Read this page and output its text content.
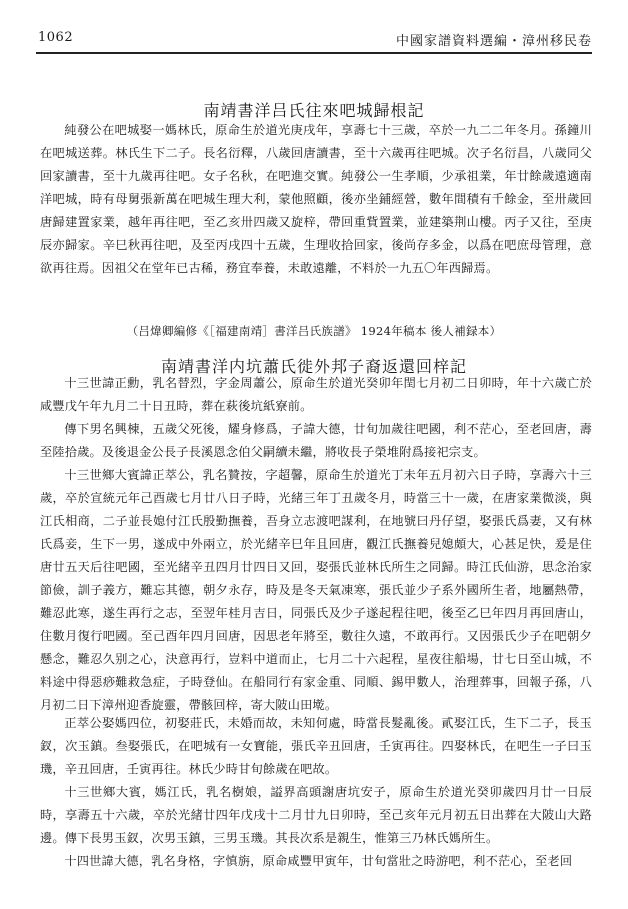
1062	中國家譜資料選編・漳州移民卷
南靖書洋吕氏往來吧城歸根記
純發公在吧城娶一媽林氏，原命生於道光庚戌年，享壽七十三歲，卒於一九二二年冬月。孫鐘川在吧城送葬。林氏生下二子。長名衍釋，八歲回唐讀書，至十六歲再往吧城。次子名衍昌，八歲同父回家讀書，至十九歲再往吧。女子名秋，在吧進交實。純發公一生孝順，少承祖業，年廿餘歲遠適南洋吧城，時有母舅張新萬在吧城生理大利，蒙他照顧，後亦坐鋪經營，數年間積有千餘金，至卅歲回唐歸建置家業，越年再往吧，至乙亥卅四歲又旋梓，帶回重貲置業，並建築荆山樓。丙子又往，至庚辰亦歸家。辛巳秋再往吧，及至丙戌四十五歲，生理收拾回家，後尚存多金，以爲在吧庶母管理，意欲再往焉。因祖父在堂年已古稀，務宜奉養，未敢遠離，不料於一九五〇年西歸焉。
（吕煒卿編修《［福建南靖］書洋吕氏族譜》 1924年稿本 後人補録本）
南靖書洋内坑蕭氏徙外邦子裔返還回梓記
十三世諱正勳，乳名替烈，字金周蕭公，原命生於道光癸卯年閏七月初二日卯時，年十六歲亡於咸豐戊午年九月二十日丑時，葬在萩後坑紙寮前。
傳下男名興棟，五歲父死後，耀身修爲，子諱大德，廿旬加歲往吧國，利不茫心，至老回唐，壽至陸拾歲。及後退金公長子長溪恩念伯父嗣續未繼，將收長子榮堆附爲接祀宗支。
十三世鄉大賓諱正萃公，乳名贊按，字超馨，原命生於道光丁未年五月初六日子時，享壽六十三歲，卒於宣統元年己酉歲七月廿八日子時，光緒三年丁丑歲冬月，時當三十一歲，在唐家業微淡，與江氏相商，二子並長媳付江氏殷勤撫養，吾身立志渡吧謀利，在地號曰丹仔望，娶張氏爲妻，又有林氏爲妾，生下一男，遂成中外兩立，於光緒辛巳年且回唐，觀江氏撫養兒媳頗大，心甚足快，爰是住唐廿五天后往吧國，至光緒辛丑四月廿四日又回，娶張氏並林氏所生之同歸。時江氏仙游，思念治家節儉，訓子義方，難忘其德，朝夕永存，時及是冬天氣凍寒，張氏並少子系外國所生者，地屬熱帶，難忍此寒，遂生再行之志，至翌年桂月吉日，同張氏及少子遂起程往吧，後至乙巳年四月再回唐山，住數月復行吧國。至己酉年四月回唐，因思老年將至，數往久遠，不敢再行。又因張氏少子在吧朝夕懸念，難忍久别之心，決意再行，豈料中道而止，七月二十六起程，星夜往船場，廿七日至山城，不料途中得惡痧難救急症，子時登仙。在船同行有家金重、同順、錫甲數人，治理葬事，回報子孫，八月初二日下漳州迎香旋靈，帶骸回梓，寄大陂山田墘。
正萃公娶媽四位，初娶莊氏，未婚而故，未知何處，時當長髮亂後。貳娶江氏，生下二子，長玉釵，次玉鎮。叁娶張氏，在吧城有一女寶能，張氏辛丑回唐，壬寅再往。四娶林氏，在吧生一子曰玉璣，辛丑回唐，壬寅再往。林氏少時甘旬餘歲在吧故。
十三世鄉大賓，媽江氏，乳名樹娘，謚界高頭謝唐坑安子，原命生於道光癸卯歲四月廿一日辰時，享壽五十六歲，卒於光緒廿四年戊戌十二月廿九日卯時，至己亥年元月初五日出葬在大陂山大路邊。傳下長男玉釵，次男玉鎮，三男玉璣。其長次系是親生，惟第三乃林氏媽所生。
十四世諱大德，乳名身格，字慎旃，原命咸豐甲寅年，廿旬當壯之時游吧，利不茫心，至老回
